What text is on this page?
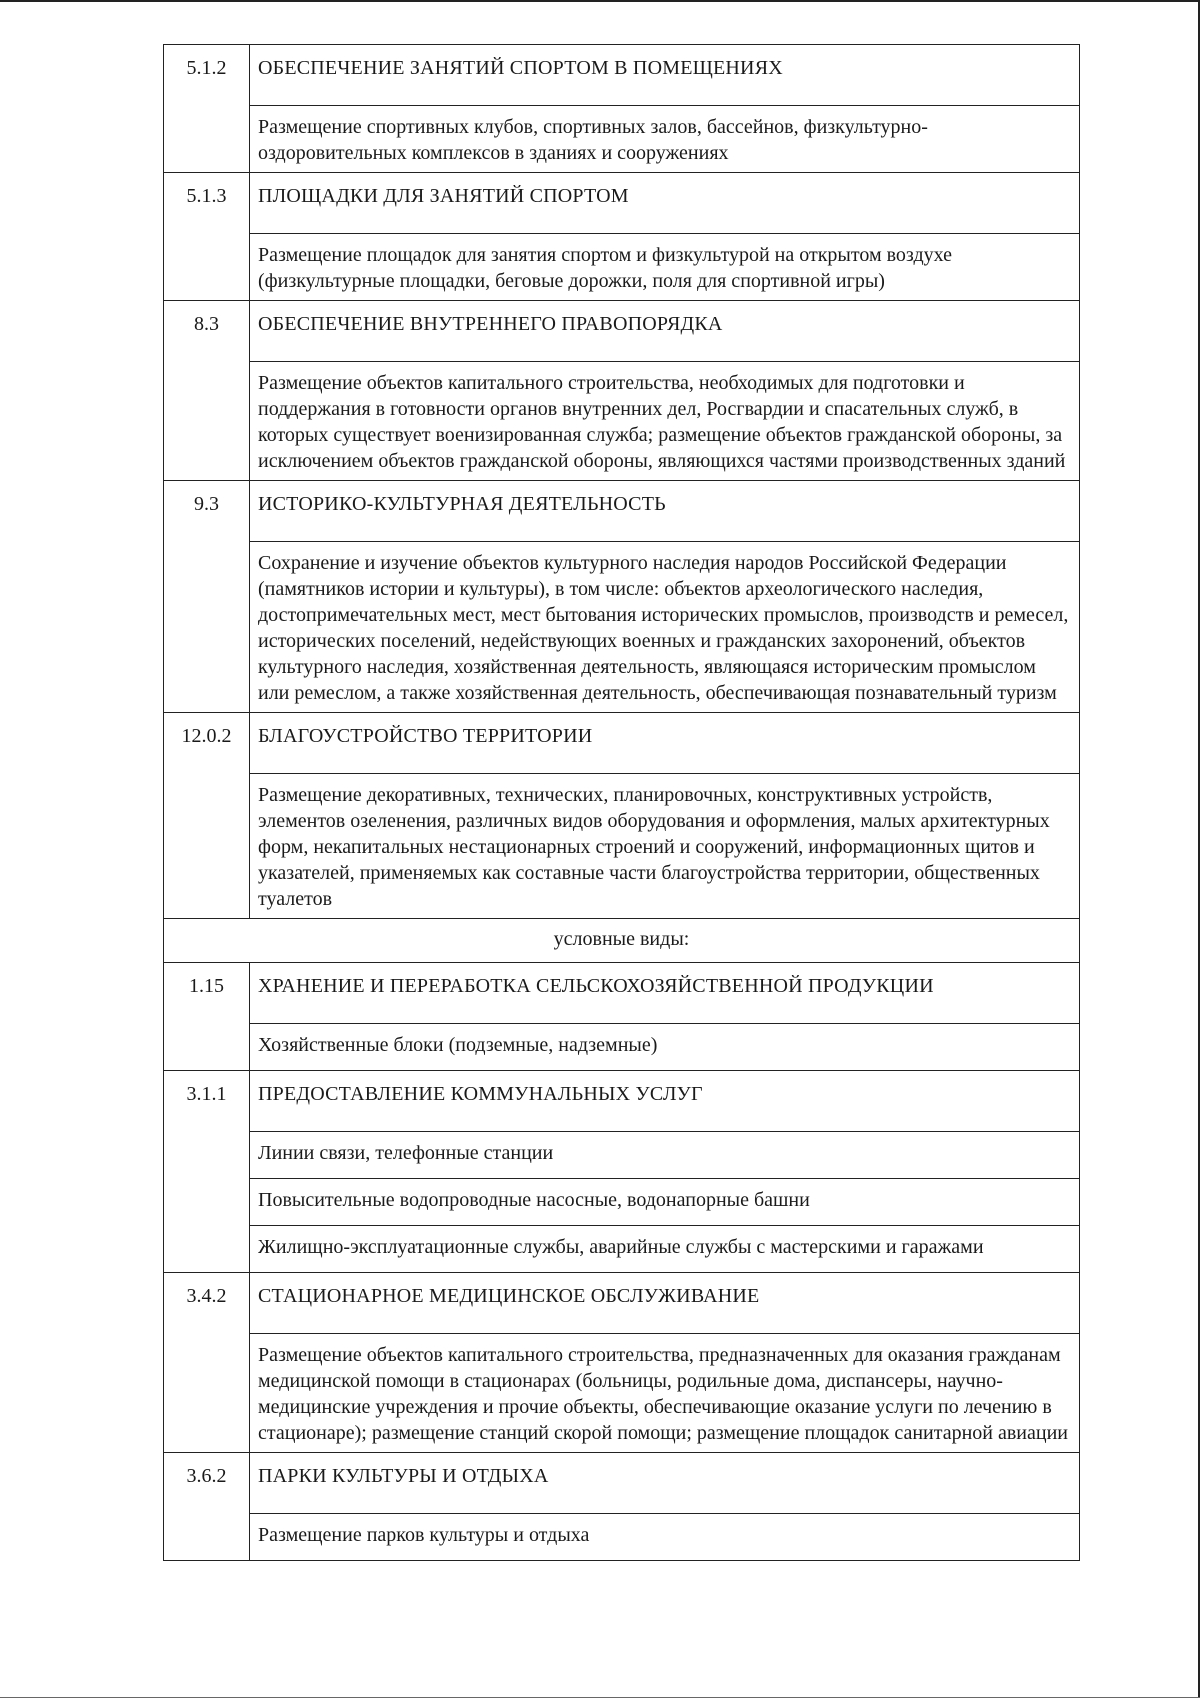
5.1.2	ОБЕСПЕЧЕНИЕ ЗАНЯТИЙ СПОРТОМ В ПОМЕЩЕНИЯХ
	Размещение спортивных клубов, спортивных залов, бассейнов, физкультурно-оздоровительных комплексов в зданиях и сооружениях
5.1.3	ПЛОЩАДКИ ДЛЯ ЗАНЯТИЙ СПОРТОМ
	Размещение площадок для занятия спортом и физкультурой на открытом воздухе (физкультурные площадки, беговые дорожки, поля для спортивной игры)
8.3	ОБЕСПЕЧЕНИЕ ВНУТРЕННЕГО ПРАВОПОРЯДКА
	Размещение объектов капитального строительства, необходимых для подготовки и поддержания в готовности органов внутренних дел, Росгвардии и спасательных служб, в которых существует военизированная служба; размещение объектов гражданской обороны, за исключением объектов гражданской обороны, являющихся частями производственных зданий
9.3	ИСТОРИКО-КУЛЬТУРНАЯ ДЕЯТЕЛЬНОСТЬ
	Сохранение и изучение объектов культурного наследия народов Российской Федерации (памятников истории и культуры), в том числе: объектов археологического наследия, достопримечательных мест, мест бытования исторических промыслов, производств и ремесел, исторических поселений, недействующих военных и гражданских захоронений, объектов культурного наследия, хозяйственная деятельность, являющаяся историческим промыслом или ремеслом, а также хозяйственная деятельность, обеспечивающая познавательный туризм
12.0.2	БЛАГОУСТРОЙСТВО ТЕРРИТОРИИ
	Размещение декоративных, технических, планировочных, конструктивных устройств, элементов озеленения, различных видов оборудования и оформления, малых архитектурных форм, некапитальных нестационарных строений и сооружений, информационных щитов и указателей, применяемых как составные части благоустройства территории, общественных туалетов
условные виды:	
1.15	ХРАНЕНИЕ И ПЕРЕРАБОТКА СЕЛЬСКОХОЗЯЙСТВЕННОЙ ПРОДУКЦИИ
	Хозяйственные блоки (подземные, надземные)
3.1.1	ПРЕДОСТАВЛЕНИЕ КОММУНАЛЬНЫХ УСЛУГ
	Линии связи, телефонные станции
	Повысительные водопроводные насосные, водонапорные башни
	Жилищно-эксплуатационные службы, аварийные службы с мастерскими и гаражами
3.4.2	СТАЦИОНАРНОЕ МЕДИЦИНСКОЕ ОБСЛУЖИВАНИЕ
	Размещение объектов капитального строительства, предназначенных для оказания гражданам медицинской помощи в стационарах (больницы, родильные дома, диспансеры, научно-медицинские учреждения и прочие объекты, обеспечивающие оказание услуги по лечению в стационаре); размещение станций скорой помощи; размещение площадок санитарной авиации
3.6.2	ПАРКИ КУЛЬТУРЫ И ОТДЫХА
	Размещение парков культуры и отдыха
